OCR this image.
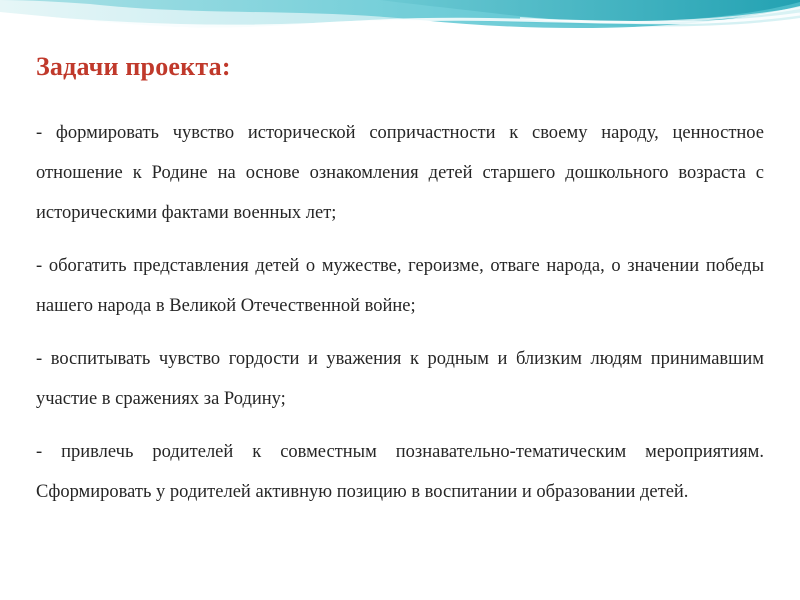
Задачи проекта:

- формировать чувство исторической сопричастности к своему народу, ценностное отношение к Родине на основе ознакомления детей старшего дошкольного возраста с историческими фактами военных лет;

- обогатить представления детей о мужестве, героизме, отваге народа, о значении победы нашего народа в Великой Отечественной войне;

- воспитывать чувство гордости и уважения к родным и близким людям принимавшим участие в сражениях за Родину;

- привлечь родителей к совместным познавательно-тематическим мероприятиям. Сформировать у родителей активную позицию в воспитании и образовании детей.
